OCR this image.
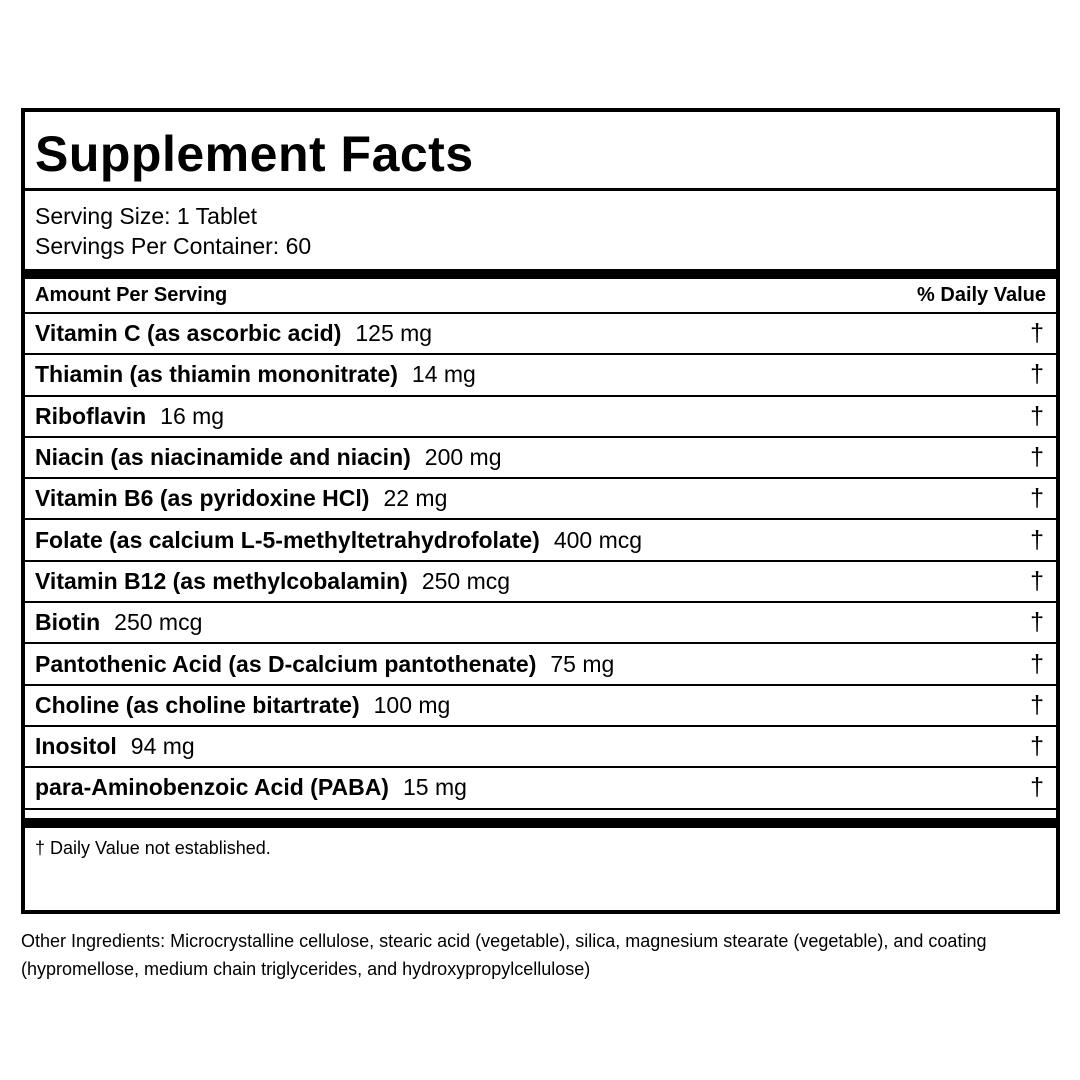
Supplement Facts
Serving Size: 1 Tablet
Servings Per Container: 60
Amount Per Serving	% Daily Value
Vitamin C (as ascorbic acid) 125 mg	†
Thiamin (as thiamin mononitrate) 14 mg	†
Riboflavin 16 mg	†
Niacin (as niacinamide and niacin) 200 mg	†
Vitamin B6 (as pyridoxine HCl) 22 mg	†
Folate (as calcium L-5-methyltetrahydrofolate) 400 mcg	†
Vitamin B12 (as methylcobalamin) 250 mcg	†
Biotin 250 mcg	†
Pantothenic Acid (as D-calcium pantothenate) 75 mg	†
Choline (as choline bitartrate) 100 mg	†
Inositol 94 mg	†
para-Aminobenzoic Acid (PABA) 15 mg	†
† Daily Value not established.
Other Ingredients: Microcrystalline cellulose, stearic acid (vegetable), silica, magnesium stearate (vegetable), and coating (hypromellose, medium chain triglycerides, and hydroxypropylcellulose)
